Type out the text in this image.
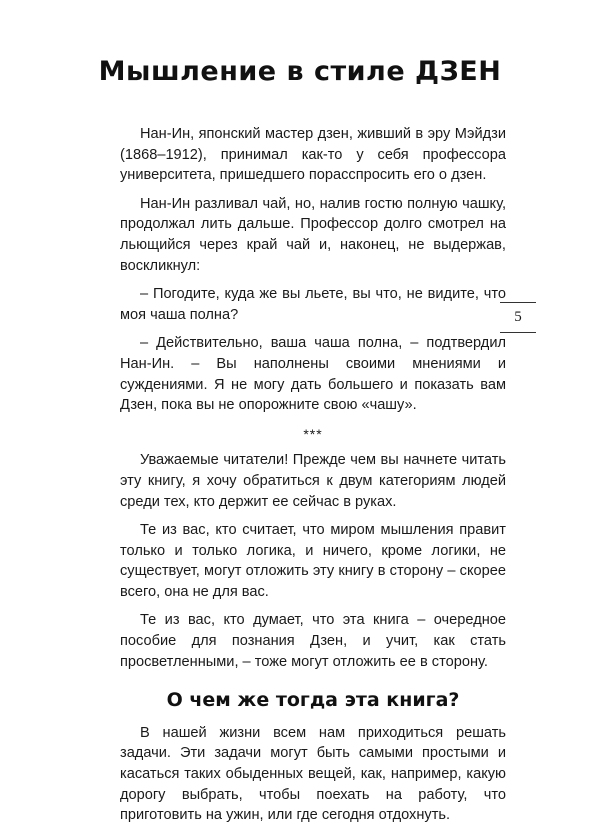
Мышление в стиле ДЗЕН

Нан-Ин, японский мастер дзен, живший в эру Мэйдзи (1868–1912), принимал как-то у себя профессора университета, пришедшего порасспросить его о дзен.

Нан-Ин разливал чай, но, налив гостю полную чашку, продолжал лить дальше. Профессор долго смотрел на льющийся через край чай и, наконец, не выдержав, воскликнул:

– Погодите, куда же вы льете, вы что, не видите, что моя чаша полна?

– Действительно, ваша чаша полна, – подтвердил Нан-Ин. – Вы наполнены своими мнениями и суждениями. Я не могу дать большего и показать вам Дзен, пока вы не опорожните свою «чашу».

***

Уважаемые читатели! Прежде чем вы начнете читать эту книгу, я хочу обратиться к двум категориям людей среди тех, кто держит ее сейчас в руках.

Те из вас, кто считает, что миром мышления правит только и только логика, и ничего, кроме логики, не существует, могут отложить эту книгу в сторону – скорее всего, она не для вас.

Те из вас, кто думает, что эта книга – очередное пособие для познания Дзен, и учит, как стать просветленными, – тоже могут отложить ее в сторону.

О чем же тогда эта книга?

В нашей жизни всем нам приходиться решать задачи. Эти задачи могут быть самыми простыми и касаться таких обыденных вещей, как, например, какую дорогу выбрать, чтобы поехать на работу, что приготовить на ужин, или где сегодня отдохнуть.

5
